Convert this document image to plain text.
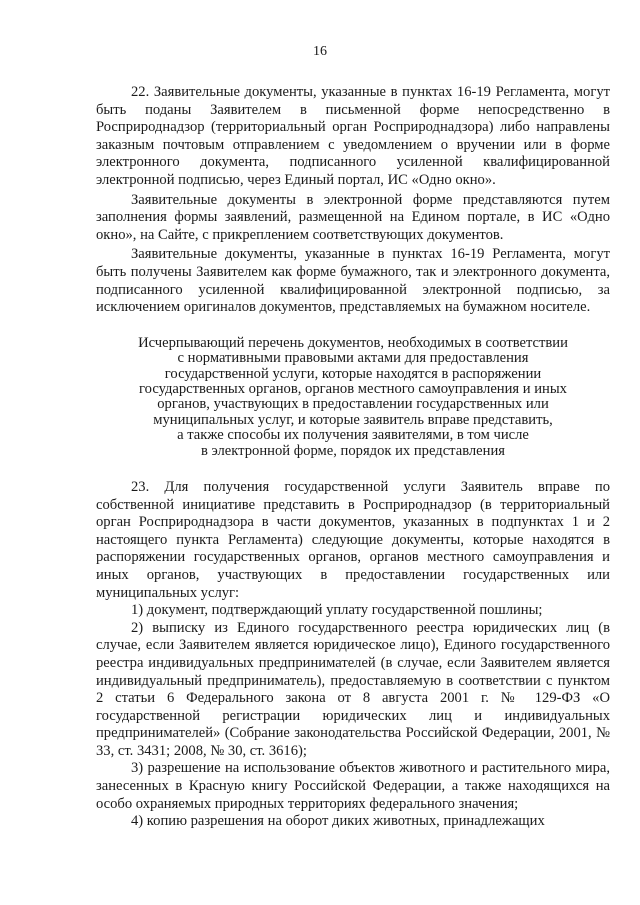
16

22. Заявительные документы, указанные в пунктах 16-19 Регламента, могут быть поданы Заявителем в письменной форме непосредственно в Росприроднадзор (территориальный орган Росприроднадзора) либо направлены заказным почтовым отправлением с уведомлением о вручении или в форме электронного документа, подписанного усиленной квалифицированной электронной подписью, через Единый портал, ИС «Одно окно».

Заявительные документы в электронной форме представляются путем заполнения формы заявлений, размещенной на Едином портале, в ИС «Одно окно», на Сайте, с прикреплением соответствующих документов.

Заявительные документы, указанные в пунктах 16-19 Регламента, могут быть получены Заявителем как форме бумажного, так и электронного документа, подписанного усиленной квалифицированной электронной подписью, за исключением оригиналов документов, представляемых на бумажном носителе.

Исчерпывающий перечень документов, необходимых в соответствии
с нормативными правовыми актами для предоставления
государственной услуги, которые находятся в распоряжении
государственных органов, органов местного самоуправления и иных
органов, участвующих в предоставлении государственных или
муниципальных услуг, и которые заявитель вправе представить,
а также способы их получения заявителями, в том числе
в электронной форме, порядок их представления

23. Для получения государственной услуги Заявитель вправе по собственной инициативе представить в Росприроднадзор (в территориальный орган Росприроднадзора в части документов, указанных в подпунктах 1 и 2 настоящего пункта Регламента) следующие документы, которые находятся в распоряжении государственных органов, органов местного самоуправления и иных органов, участвующих в предоставлении государственных или муниципальных услуг:

1) документ, подтверждающий уплату государственной пошлины;

2) выписку из Единого государственного реестра юридических лиц (в случае, если Заявителем является юридическое лицо), Единого государственного реестра индивидуальных предпринимателей (в случае, если Заявителем является индивидуальный предприниматель), предоставляемую в соответствии с пунктом 2 статьи 6 Федерального закона от 8 августа 2001 г. № 129-ФЗ «О государственной регистрации юридических лиц и индивидуальных предпринимателей» (Собрание законодательства Российской Федерации, 2001, № 33, ст. 3431; 2008, № 30, ст. 3616);

3) разрешение на использование объектов животного и растительного мира, занесенных в Красную книгу Российской Федерации, а также находящихся на особо охраняемых природных территориях федерального значения;

4) копию разрешения на оборот диких животных, принадлежащих
